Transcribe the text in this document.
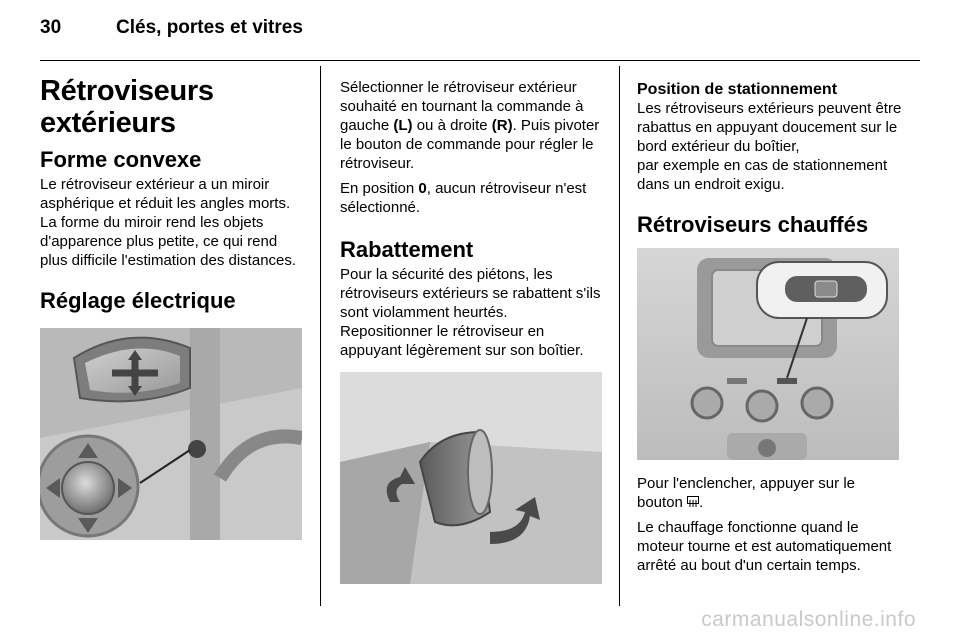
30	Clés, portes et vitres
Rétroviseurs extérieurs
Forme convexe

Le rétroviseur extérieur a un miroir asphérique et réduit les angles morts. La forme du miroir rend les objets d'apparence plus petite, ce qui rend plus difficile l'estimation des distances.

Réglage électrique

Sélectionner le rétroviseur extérieur souhaité en tournant la commande à gauche (L) ou à droite (R). Puis pivoter le bouton de commande pour régler le rétroviseur.

En position 0, aucun rétroviseur n'est sélectionné.

Rabattement

Pour la sécurité des piétons, les rétroviseurs extérieurs se rabattent s'ils sont violamment heurtés. Repositionner le rétroviseur en appuyant légèrement sur son boîtier.

Position de stationnement

Les rétroviseurs extérieurs peuvent être rabattus en appuyant doucement sur le bord extérieur du boîtier,

par exemple en cas de stationnement dans un endroit exigu.

Rétroviseurs chauffés

Pour l'enclencher, appuyer sur le bouton .

Le chauffage fonctionne quand le moteur tourne et est automatiquement arrêté au bout d'un certain temps.

carmanualsonline.info
